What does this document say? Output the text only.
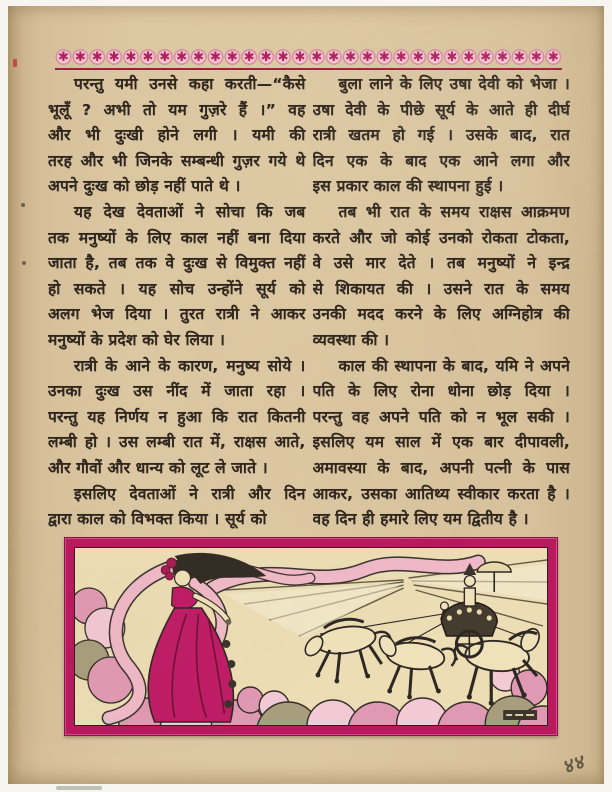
✱ ✱ ✱ ✱ ✱ ✱ ✱ ✱ ✱ ✱ ✱ ✱ ✱ ✱ ✱ ✱ ✱ ✱ ✱ ✱ ✱ ✱ ✱ ✱ ✱ ✱ ✱ ✱ ✱ ✱
परन्तु यमी उनसे कहा करती—“कैसे
भूलूँ ? अभी तो यम गुज़रे हैं ।” वह
और भी दुःखी होने लगी । यमी की
तरह और भी जिनके सम्बन्धी गुज़र गये थे
अपने दुःख को छोड़ नहीं पाते थे ।
यह देख देवताओं ने सोचा कि जब
तक मनुष्यों के लिए काल नहीं बना दिया
जाता है, तब तक वे दुःख से विमुक्त नहीं
हो सकते । यह सोच उन्होंने सूर्य को
अलग भेज दिया । तुरत रात्री ने आकर
मनुष्यों के प्रदेश को घेर लिया ।
रात्री के आने के कारण, मनुष्य सोये ।
उनका दुःख उस नींद में जाता रहा ।
परन्तु यह निर्णय न हुआ कि रात कितनी
लम्बी हो । उस लम्बी रात में, राक्षस आते,
और गौवों और धान्य को लूट ले जाते ।
इसलिए देवताओं ने रात्री और दिन
द्वारा काल को विभक्त किया । सूर्य को
बुला लाने के लिए उषा देवी को भेजा ।
उषा देवी के पीछे सूर्य के आते ही दीर्घ
रात्री खतम हो गई । उसके बाद, रात
दिन एक के बाद एक आने लगा और
इस प्रकार काल की स्थापना हुई ।
तब भी रात के समय राक्षस आक्रमण
करते और जो कोई उनको रोकता टोकता,
वे उसे मार देते । तब मनुष्यों ने इन्द्र
से शिकायत की । उसने रात के समय
उनकी मदद करने के लिए अग्निहोत्र की
व्यवस्था की ।
काल की स्थापना के बाद, यमि ने अपने
पति के लिए रोना धोना छोड़ दिया ।
परन्तु वह अपने पति को न भूल सकी ।
इसलिए यम साल में एक बार दीपावली,
अमावस्या के बाद, अपनी पत्नी के पास
आकर, उसका आतिथ्य स्वीकार करता है ।
वह दिन ही हमारे लिए यम द्वितीय है ।
४४
